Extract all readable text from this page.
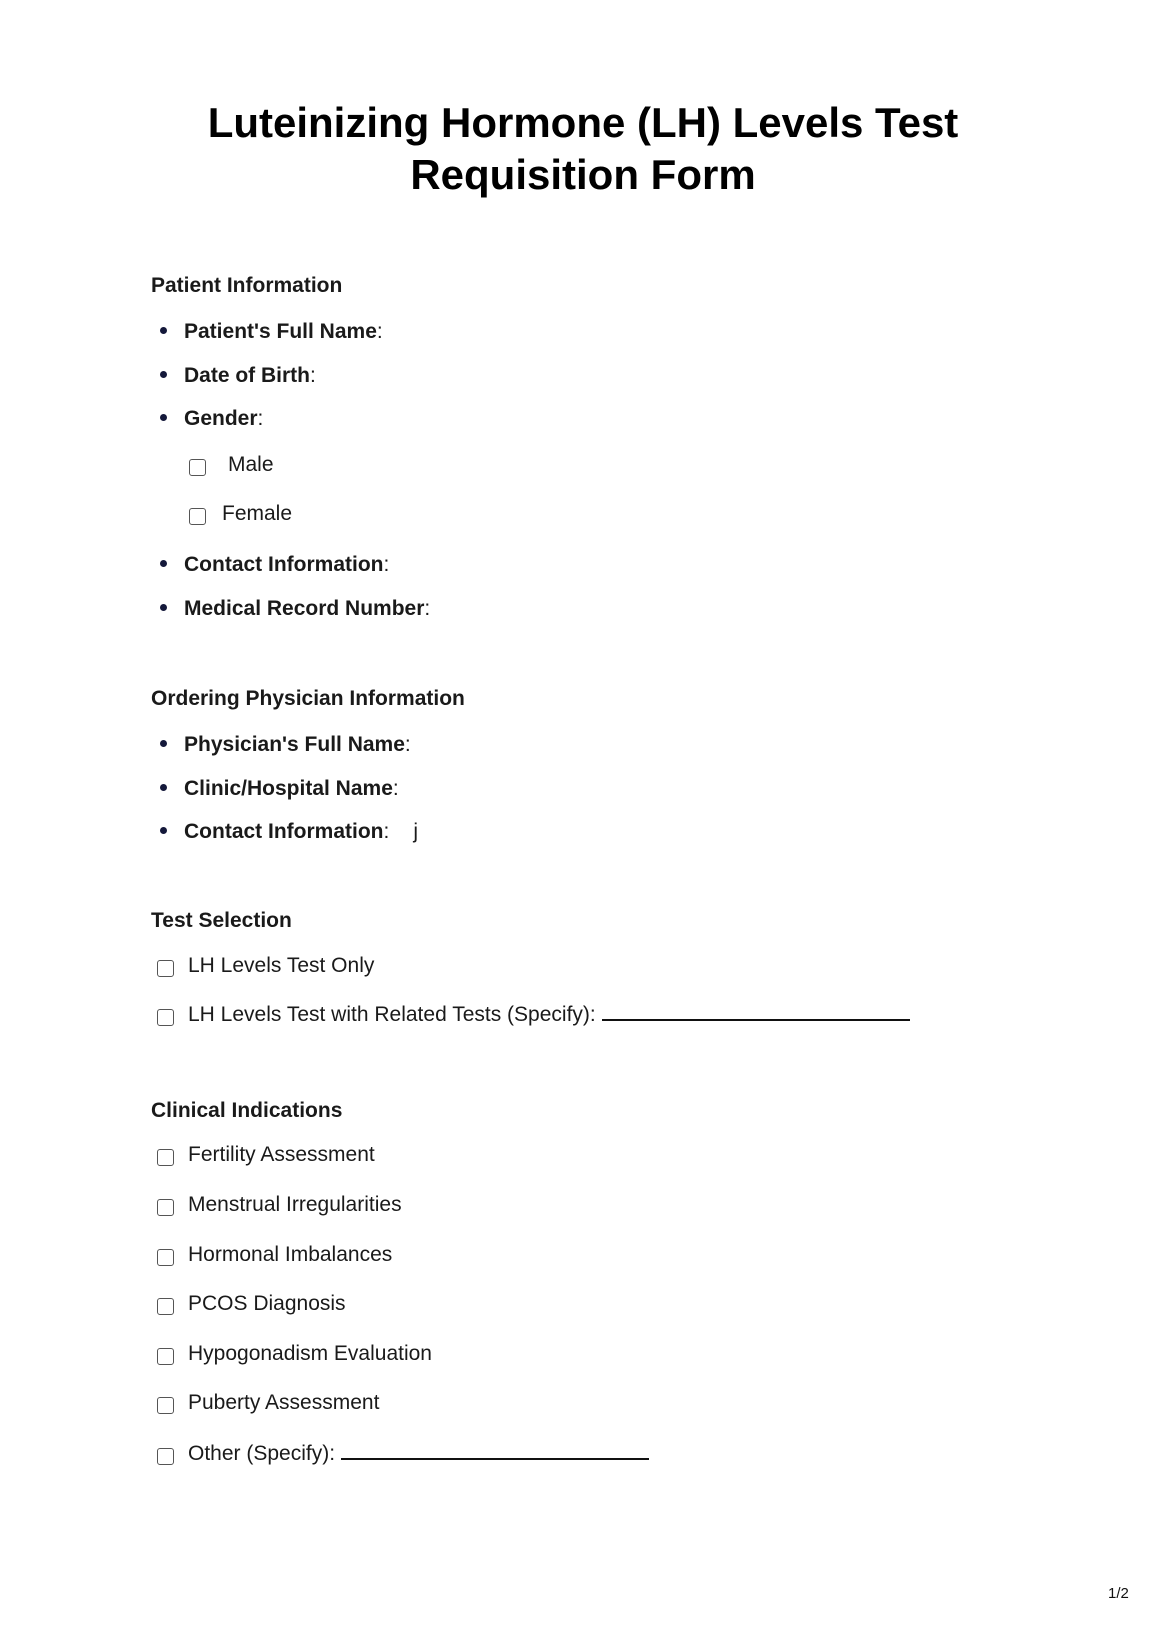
Luteinizing Hormone (LH) Levels Test
Requisition Form
Patient Information
Patient's Full Name:
Date of Birth:
Gender:
Male
Female
Contact Information:
Medical Record Number:
Ordering Physician Information
Physician's Full Name:
Clinic/Hospital Name:
Contact Information: j
Test Selection
LH Levels Test Only
LH Levels Test with Related Tests (Specify):
Clinical Indications
Fertility Assessment
Menstrual Irregularities
Hormonal Imbalances
PCOS Diagnosis
Hypogonadism Evaluation
Puberty Assessment
Other (Specify):
1/2
